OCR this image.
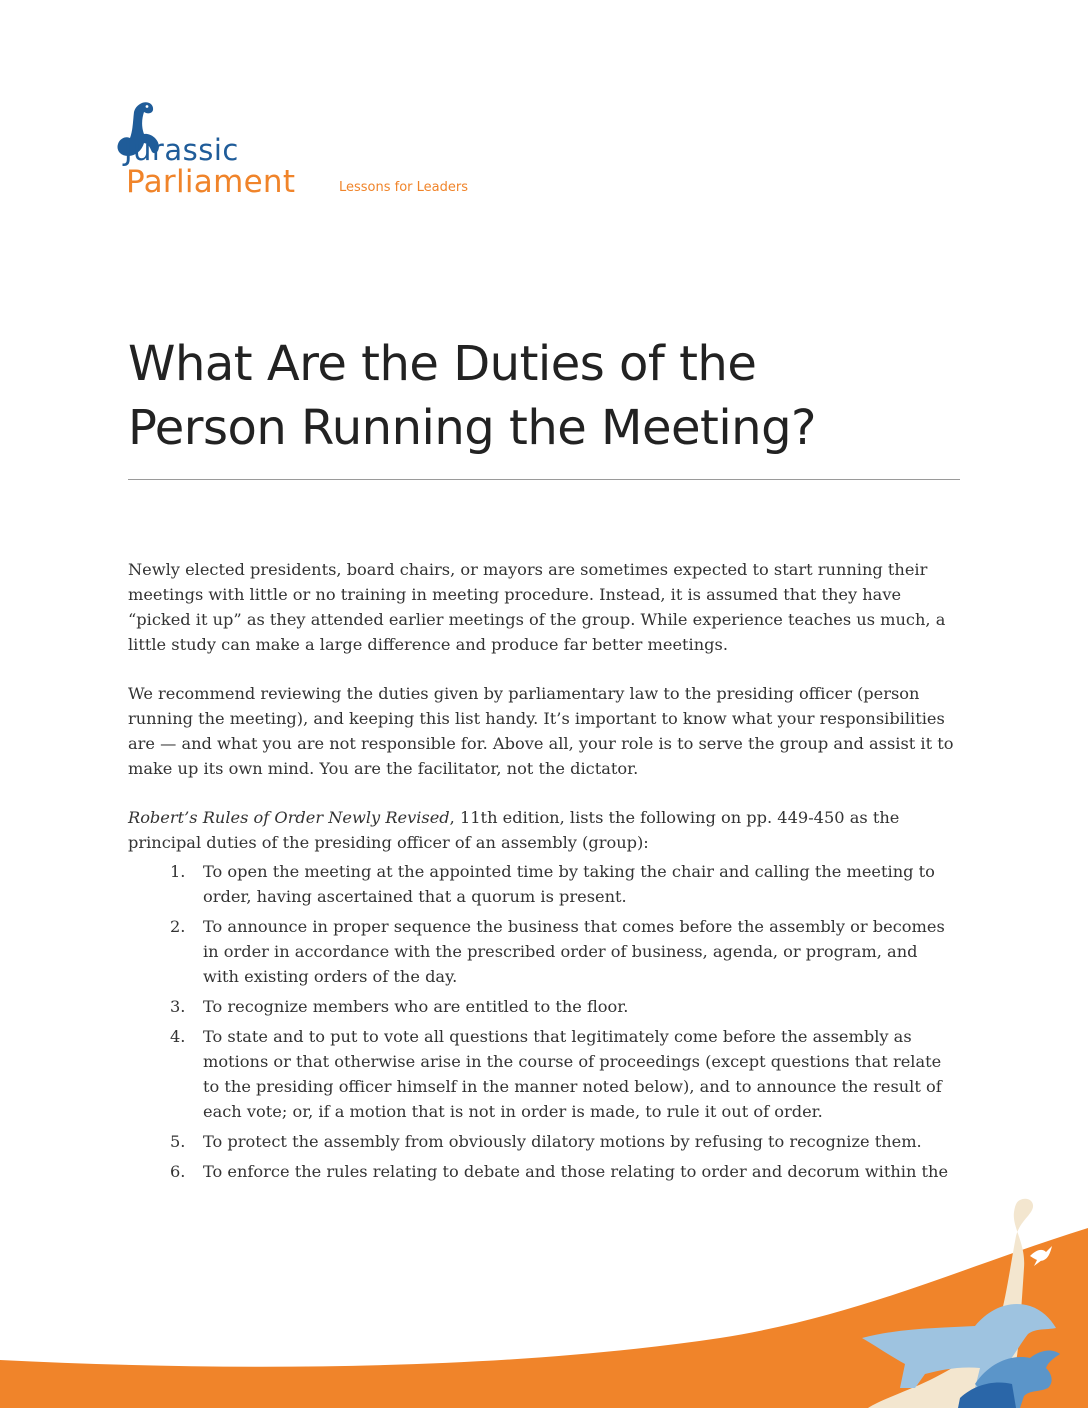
Jurassic
Parliament	Lessons for Leaders
What Are the Duties of the
Person Running the Meeting?

Newly elected presidents, board chairs, or mayors are sometimes expected to start running their meetings with little or no training in meeting procedure. Instead, it is assumed that they have “picked it up” as they attended earlier meetings of the group. While experience teaches us much, a little study can make a large difference and produce far better meetings.

We recommend reviewing the duties given by parliamentary law to the presiding officer (person running the meeting), and keeping this list handy. It’s important to know what your responsibilities are — and what you are not responsible for. Above all, your role is to serve the group and assist it to make up its own mind. You are the facilitator, not the dictator.

Robert’s Rules of Order Newly Revised, 11th edition, lists the following on pp. 449-450 as the principal duties of the presiding officer of an assembly (group):

1. To open the meeting at the appointed time by taking the chair and calling the meeting to order, having ascertained that a quorum is present.
2. To announce in proper sequence the business that comes before the assembly or becomes in order in accordance with the prescribed order of business, agenda, or program, and with existing orders of the day.
3. To recognize members who are entitled to the floor.
4. To state and to put to vote all questions that legitimately come before the assembly as motions or that otherwise arise in the course of proceedings (except questions that relate to the presiding officer himself in the manner noted below), and to announce the result of each vote; or, if a motion that is not in order is made, to rule it out of order.
5. To protect the assembly from obviously dilatory motions by refusing to recognize them.
6. To enforce the rules relating to debate and those relating to order and decorum within the
